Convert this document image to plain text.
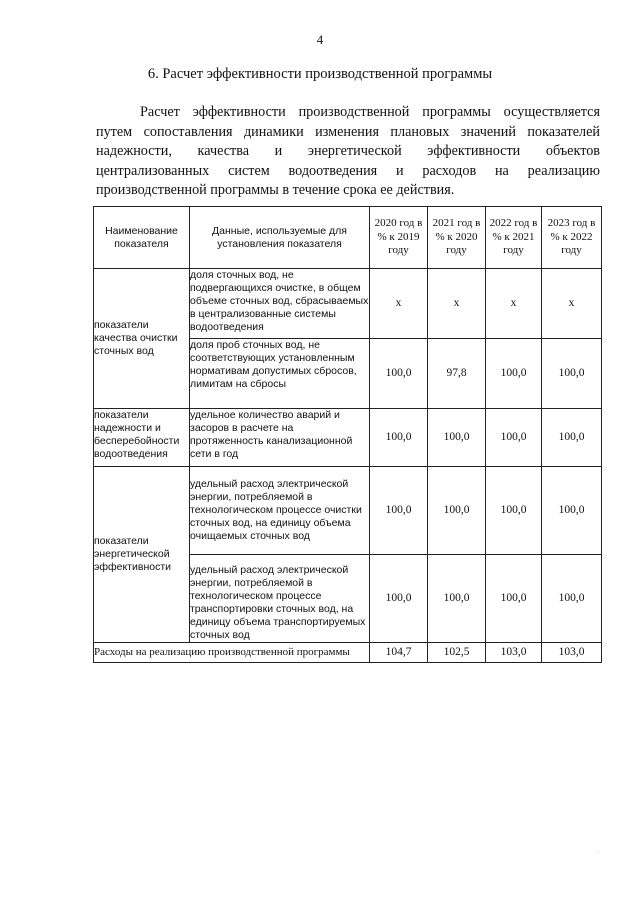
4
6. Расчет эффективности производственной программы

Расчет эффективности производственной программы осуществляется путем сопоставления динамики изменения плановых значений показателей надежности, качества и энергетической эффективности объектов централизованных систем водоотведения и расходов на реализацию производственной программы в течение срока ее действия.

Наименование показателя	Данные, используемые для установления показателя	2020 год в % к 2019 году	2021 год в % к 2020 году	2022 год в % к 2021 году	2023 год в % к 2022 году
показатели качества очистки сточных вод	доля сточных вод, не подвергающихся очистке, в общем объеме сточных вод, сбрасываемых в централизованные системы водоотведения	x	x	x	x
	доля проб сточных вод, не соответствующих установленным нормативам допустимых сбросов, лимитам на сбросы	100,0	97,8	100,0	100,0
показатели надежности и бесперебойности водоотведения	удельное количество аварий и засоров в расчете на протяженность канализационной сети в год	100,0	100,0	100,0	100,0
показатели энергетической эффективности	удельный расход электрической энергии, потребляемой в технологическом процессе очистки сточных вод, на единицу объема очищаемых сточных вод	100,0	100,0	100,0	100,0
	удельный расход электрической энергии, потребляемой в технологическом процессе транспортировки сточных вод, на единицу объема транспортируемых сточных вод	100,0	100,0	100,0	100,0
Расходы на реализацию производственной программы		104,7	102,5	103,0	103,0
·
